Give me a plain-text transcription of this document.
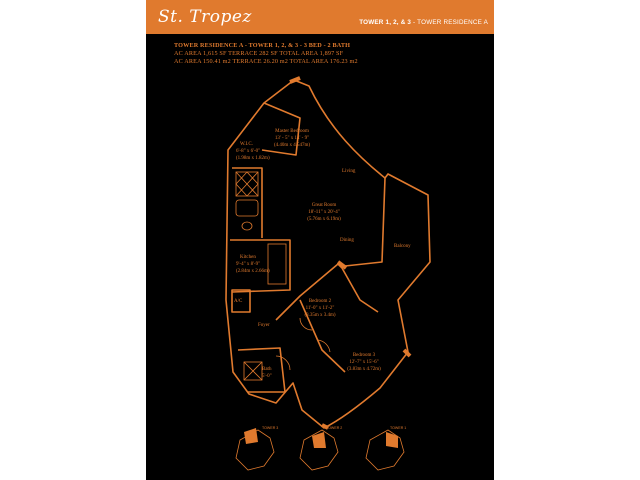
St. Tropez	TOWER 1, 2, & 3 - TOWER RESIDENCE A
TOWER RESIDENCE A - TOWER 1, 2, & 3 - 3 BED - 2 BATH
AC AREA 1,615 SF TERRACE 282 SF TOTAL AREA 1,897 SF
AC AREA 150.41 m2 TERRACE 26.20 m2 TOTAL AREA 176.23 m2
Master Bedroom
13' - 5" x 14' - 9"
(4.40m x 4.547m)
W.I.C.
6'-8" x 6'-0"
(1.98m x 1.82m)
Living
Great Room
18'-11" x 20'-4"
(5.76m x 6.19m)
Dining
Balcony
Kitchen
9'-4" x 8'-9"
(2.84m x 2.66m)
A/C
Foyer
Bedroom 2
11'-0" x 11'-2"
(3.35m x 3.4m)
Bedroom 3
12'-7" x 15'-6"
(3.83m x 4.72m)
Bath
5'-0"
TOWER 3	TOWER 2	TOWER 1
